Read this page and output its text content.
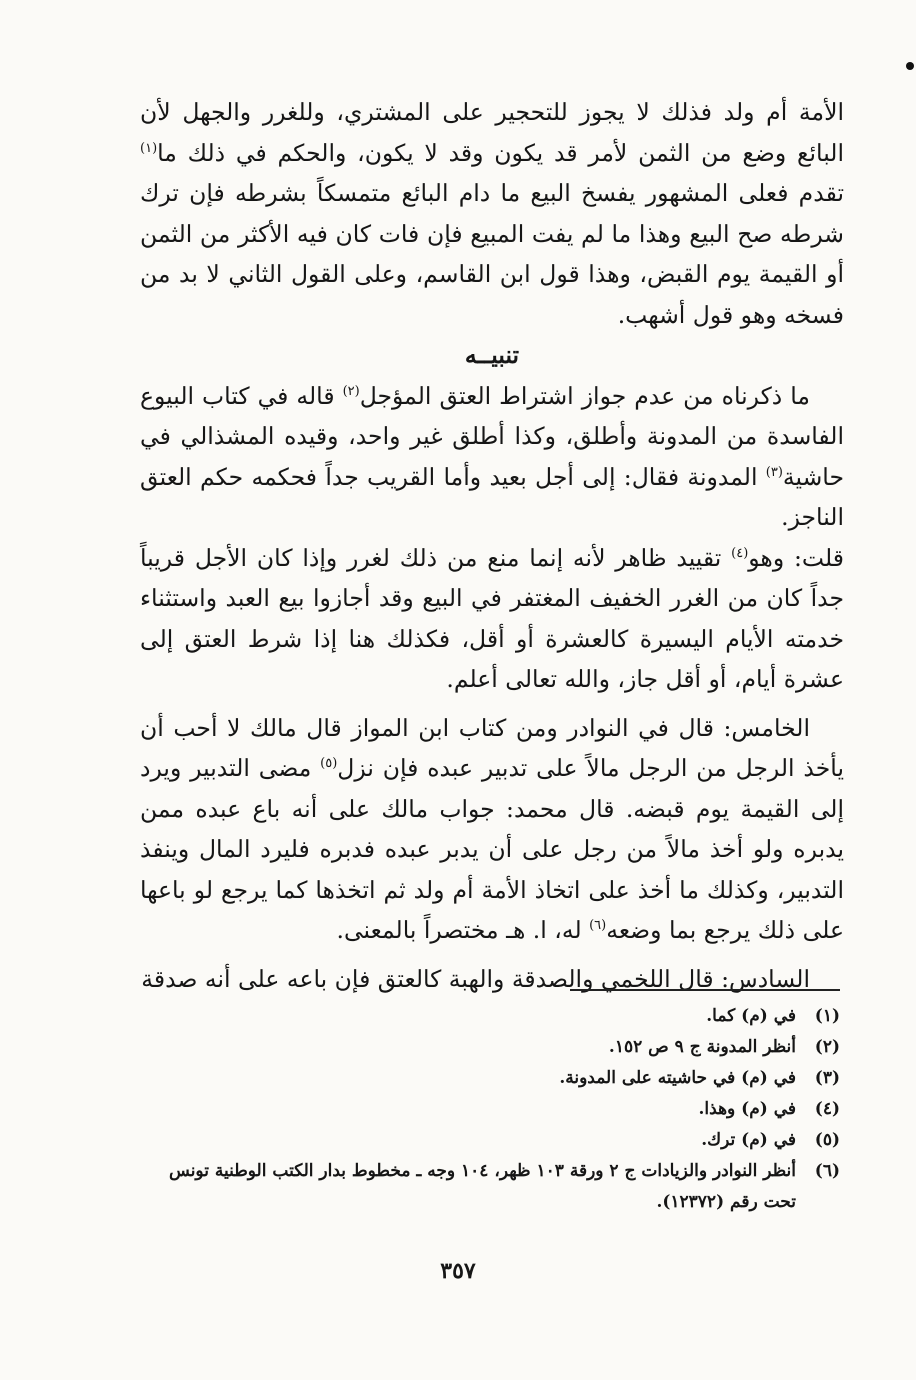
الأمة أم ولد فذلك لا يجوز للتحجير على المشتري، وللغرر والجهل لأن البائع وضع من الثمن لأمر قد يكون وقد لا يكون، والحكم في ذلك ما$^{(١)}$ تقدم فعلى المشهور يفسخ البيع ما دام البائع متمسكاً بشرطه فإن ترك شرطه صح البيع وهذا ما لم يفت المبيع فإن فات كان فيه الأكثر من الثمن أو القيمة يوم القبض، وهذا قول ابن القاسم، وعلى القول الثاني لا بد من فسخه وهو قول أشهب.

تنبيــه

ما ذكرناه من عدم جواز اشتراط العتق المؤجل$^{(٢)}$ قاله في كتاب البيوع الفاسدة من المدونة وأطلق، وكذا أطلق غير واحد، وقيده المشذالي في حاشية$^{(٣)}$ المدونة فقال: إلى أجل بعيد وأما القريب جداً فحكمه حكم العتق الناجز.

قلت: وهو$^{(٤)}$ تقييد ظاهر لأنه إنما منع من ذلك لغرر وإذا كان الأجل قريباً جداً كان من الغرر الخفيف المغتفر في البيع وقد أجازوا بيع العبد واستثناء خدمته الأيام اليسيرة كالعشرة أو أقل، فكذلك هنا إذا شرط العتق إلى عشرة أيام، أو أقل جاز، والله تعالى أعلم.

الخامس: قال في النوادر ومن كتاب ابن المواز قال مالك لا أحب أن يأخذ الرجل من الرجل مالاً على تدبير عبده فإن نزل$^{(٥)}$ مضى التدبير ويرد إلى القيمة يوم قبضه. قال محمد: جواب مالك على أنه باع عبده ممن يدبره ولو أخذ مالاً من رجل على أن يدبر عبده فدبره فليرد المال وينفذ التدبير، وكذلك ما أخذ على اتخاذ الأمة أم ولد ثم اتخذها كما يرجع لو باعها على ذلك يرجع بما وضعه$^{(٦)}$ له، ا. هـ مختصراً بالمعنى.

السادس: قال اللخمي والصدقة والهبة كالعتق فإن باعه على أنه صدقة

(١)
في (م) كما.
(٢)
أنظر المدونة ج ٩ ص ١٥٢.
(٣)
في (م) في حاشيته على المدونة.
(٤)
في (م) وهذا.
(٥)
في (م) ترك.
(٦)
أنظر النوادر والزيادات ج ٢ ورقة ١٠٣ ظهر، ١٠٤ وجه ـ مخطوط بدار الكتب الوطنية تونس تحت رقم (١٢٣٧٢).
٣٥٧
